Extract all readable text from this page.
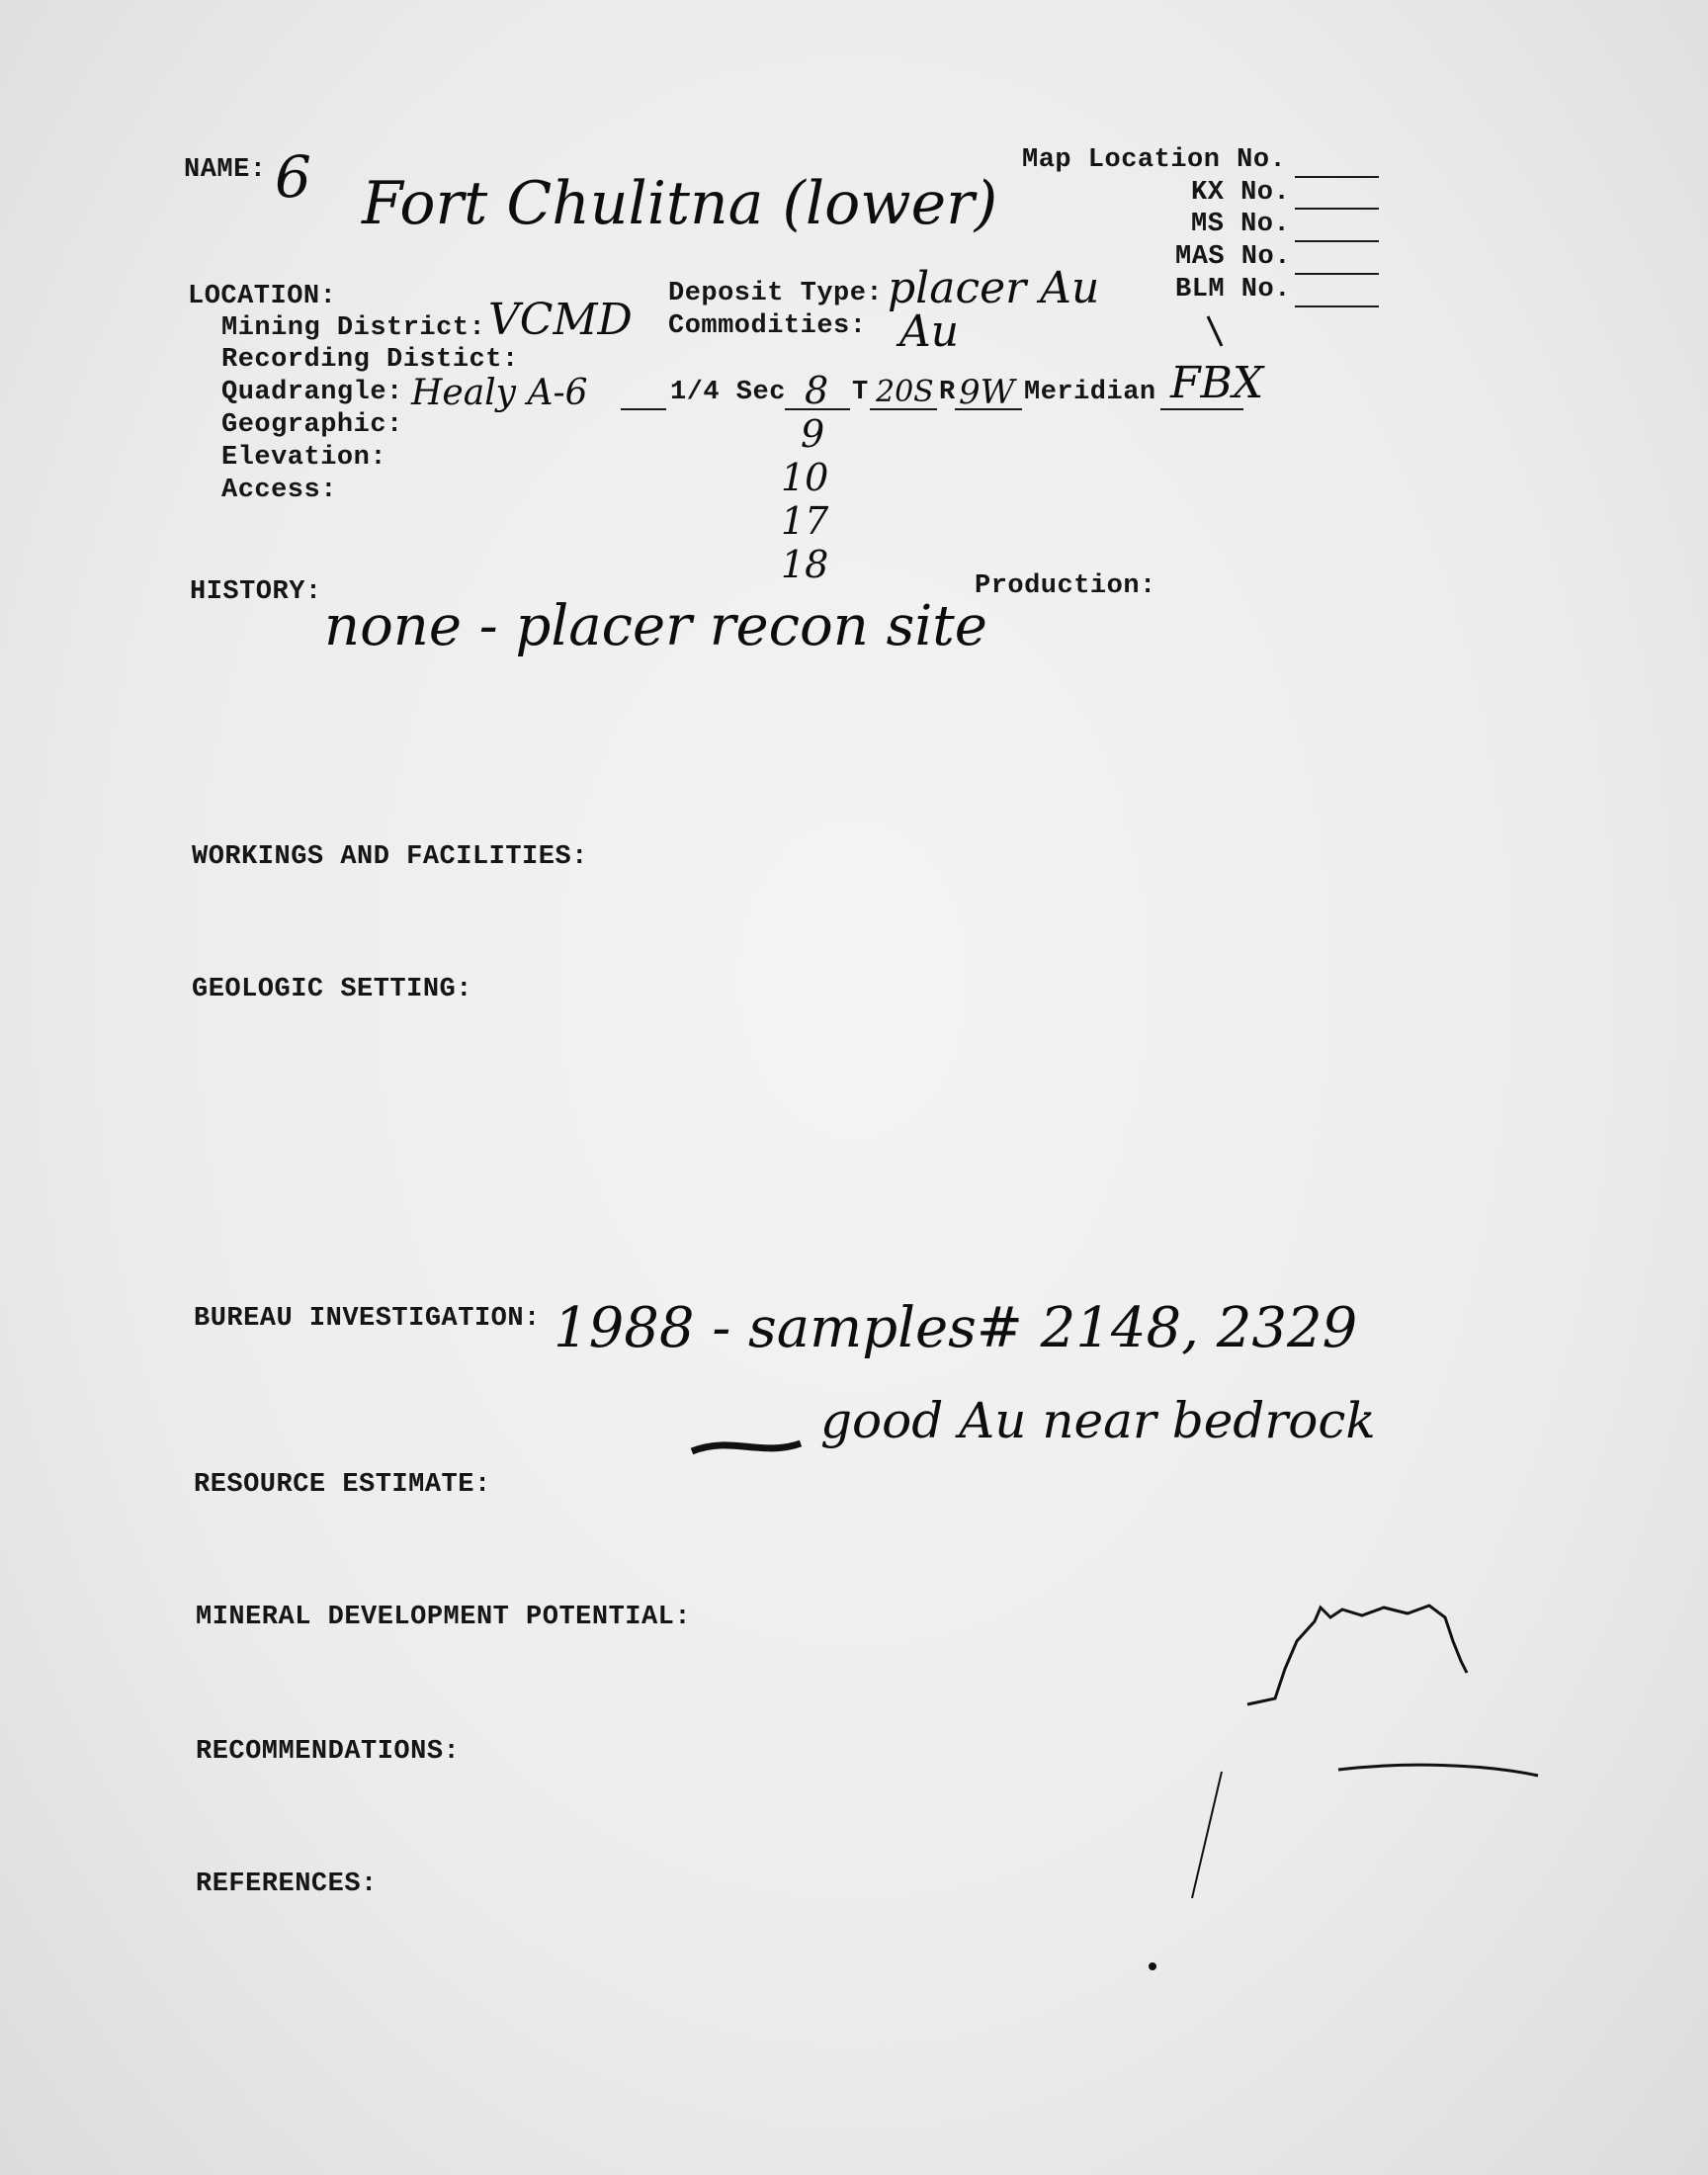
NAME: 6 Fort Chulitna (lower)
Map Location No.
KX No.
MS No.
MAS No.
BLM No.
LOCATION:
Mining District: VCMD
Recording Distict:
Quadrangle: Healy A-6
Geographic:
Elevation:
Access:
Deposit Type: placer Au
Commodities: Au
1/4 Sec 8
9
10
17
18
T 20S R 9W Meridian FBX
HISTORY:
none - placer recon site
Production:
WORKINGS AND FACILITIES:
GEOLOGIC SETTING:
BUREAU INVESTIGATION: 1988 - samples# 2148, 2329
good Au near bedrock
RESOURCE ESTIMATE:
MINERAL DEVELOPMENT POTENTIAL:
RECOMMENDATIONS:
REFERENCES:
